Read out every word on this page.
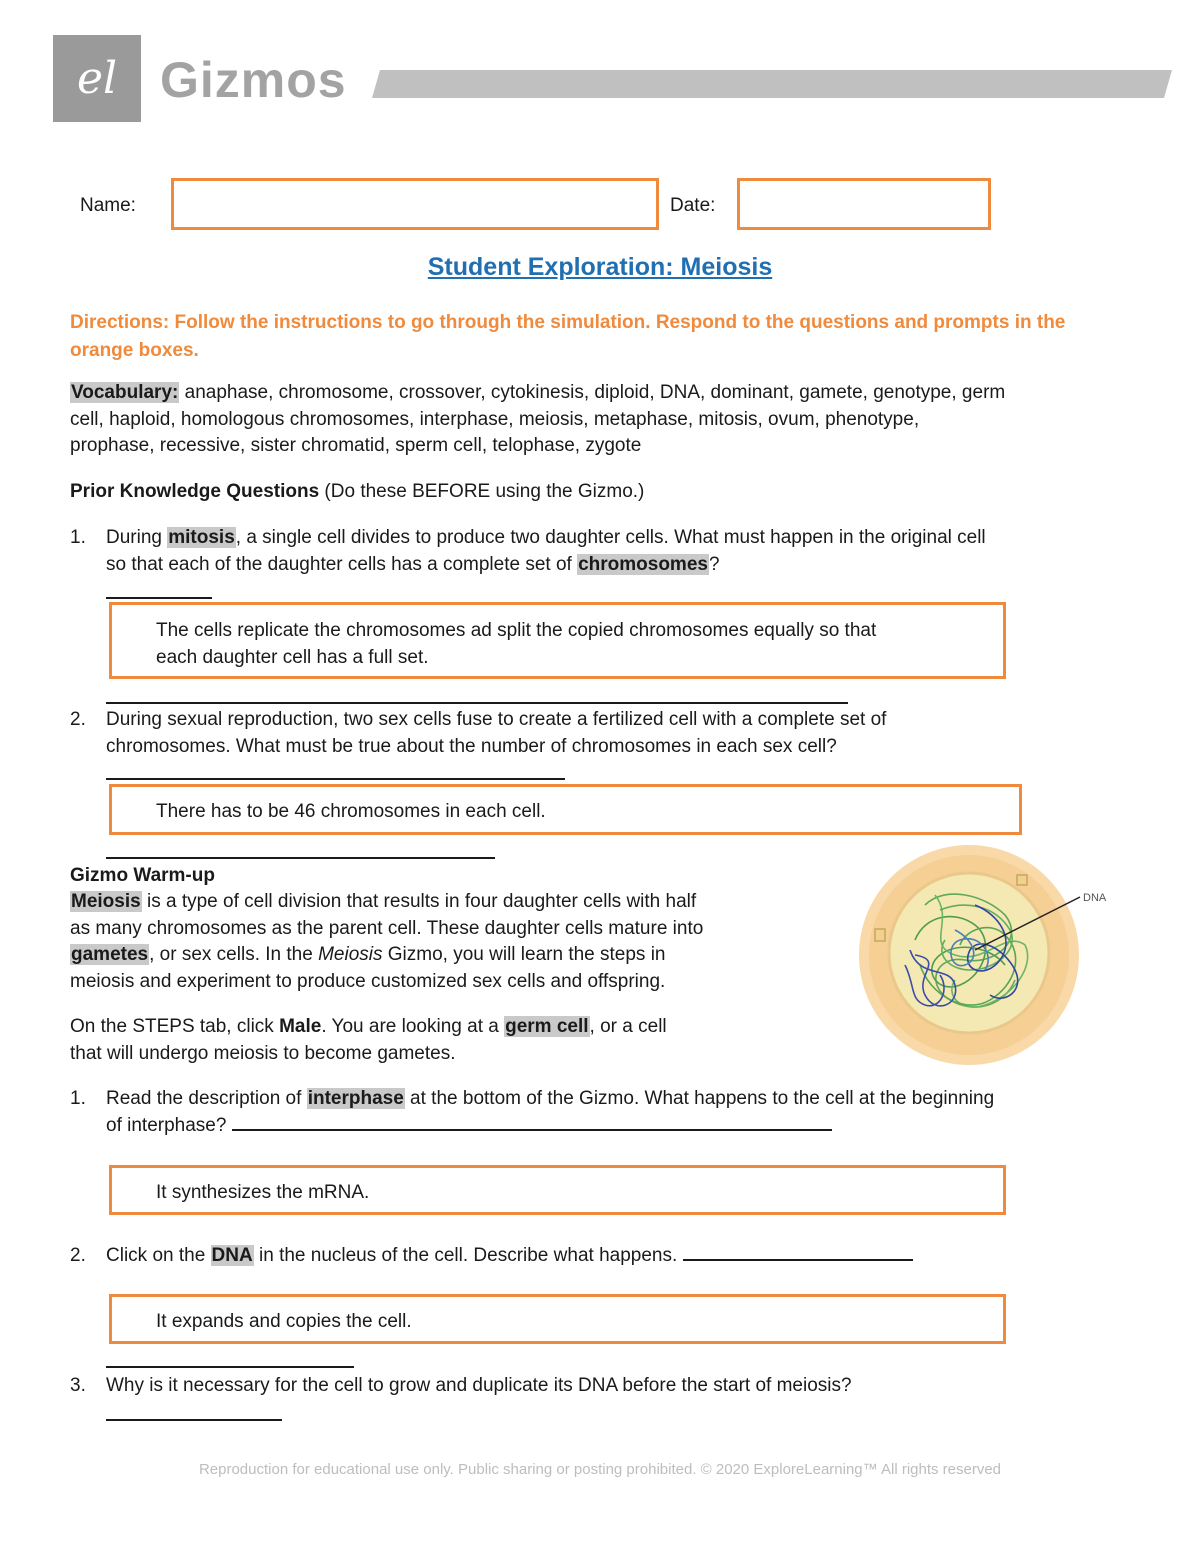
el Gizmos
Name:	Date:
Student Exploration: Meiosis
Directions: Follow the instructions to go through the simulation. Respond to the questions and prompts in the orange boxes.
Vocabulary: anaphase, chromosome, crossover, cytokinesis, diploid, DNA, dominant, gamete, genotype, germ
cell, haploid, homologous chromosomes, interphase, meiosis, metaphase, mitosis, ovum, phenotype,
prophase, recessive, sister chromatid, sperm cell, telophase, zygote
Prior Knowledge Questions (Do these BEFORE using the Gizmo.)
1. During mitosis, a single cell divides to produce two daughter cells. What must happen in the original cell
so that each of the daughter cells has a complete set of chromosomes?
The cells replicate the chromosomes ad split the copied chromosomes equally so that
each daughter cell has a full set.
2. During sexual reproduction, two sex cells fuse to create a fertilized cell with a complete set of
chromosomes. What must be true about the number of chromosomes in each sex cell?
There has to be 46 chromosomes in each cell.
Gizmo Warm-up
Meiosis is a type of cell division that results in four daughter cells with half
as many chromosomes as the parent cell. These daughter cells mature into
gametes, or sex cells. In the Meiosis Gizmo, you will learn the steps in
meiosis and experiment to produce customized sex cells and offspring.
On the STEPS tab, click Male. You are looking at a germ cell, or a cell
that will undergo meiosis to become gametes.
DNA
1. Read the description of interphase at the bottom of the Gizmo. What happens to the cell at the beginning
of interphase?
It synthesizes the mRNA.
2. Click on the DNA in the nucleus of the cell. Describe what happens.
It expands and copies the cell.
3. Why is it necessary for the cell to grow and duplicate its DNA before the start of meiosis?
Reproduction for educational use only. Public sharing or posting prohibited. © 2020 ExploreLearning™ All rights reserved
